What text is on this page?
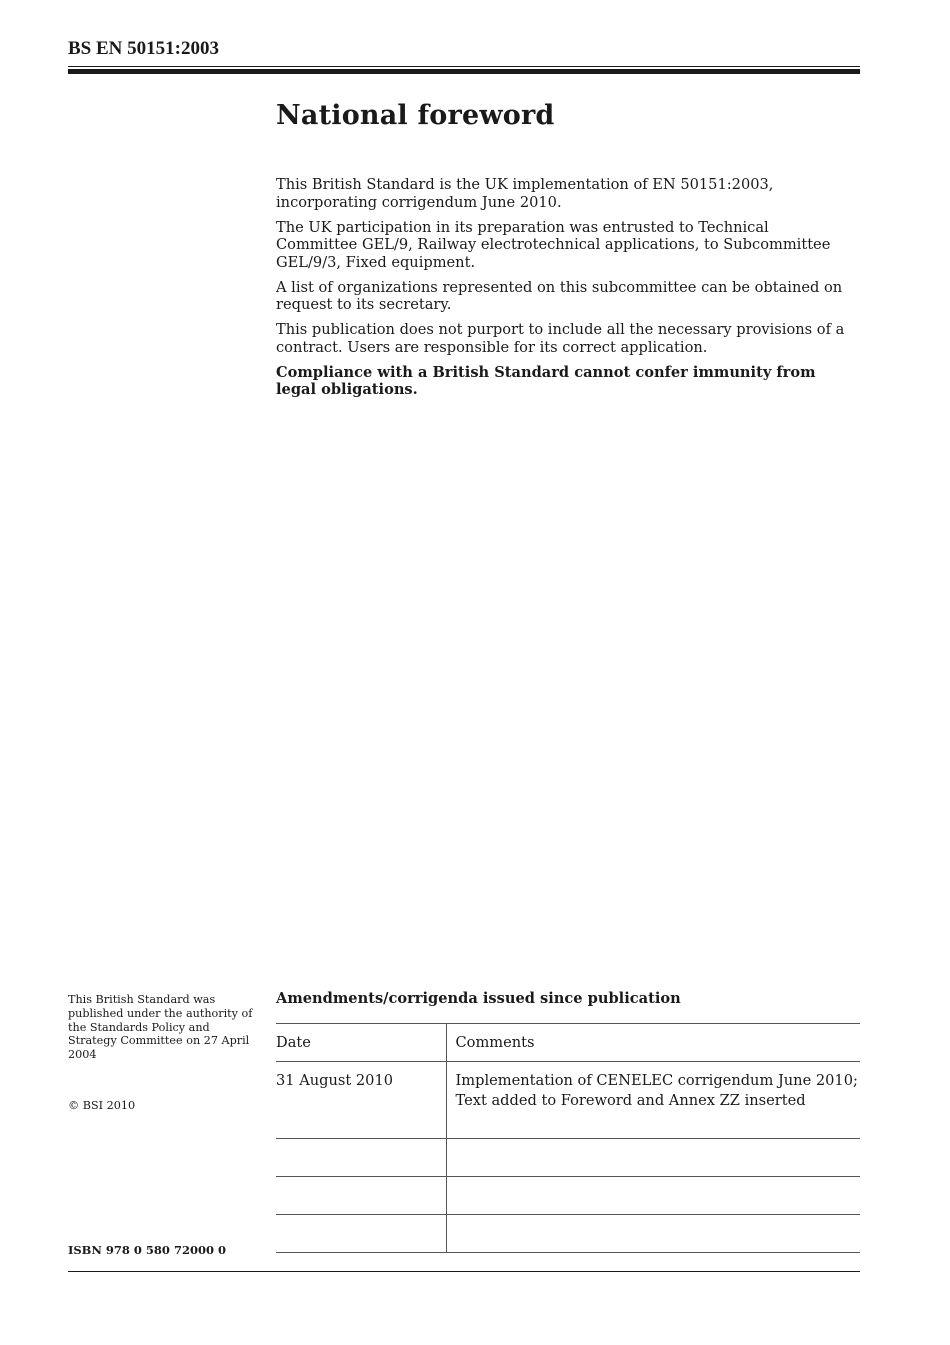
BS EN 50151:2003
National foreword

This British Standard is the UK implementation of EN 50151:2003, incorporating corrigendum June 2010.

The UK participation in its preparation was entrusted to Technical Committee GEL/9, Railway electrotechnical applications, to Subcommittee GEL/9/3, Fixed equipment.

A list of organizations represented on this subcommittee can be obtained on request to its secretary.

This publication does not purport to include all the necessary provisions of a contract. Users are responsible for its correct application.

Compliance with a British Standard cannot confer immunity from legal obligations.

This British Standard was published under the authority of the Standards Policy and Strategy Committee on 27 April 2004
© BSI 2010
ISBN 978 0 580 72000 0
Amendments/corrigenda issued since publication
Date	Comments
31 August 2010	Implementation of CENELEC corrigendum June 2010; Text added to Foreword and Annex ZZ inserted
